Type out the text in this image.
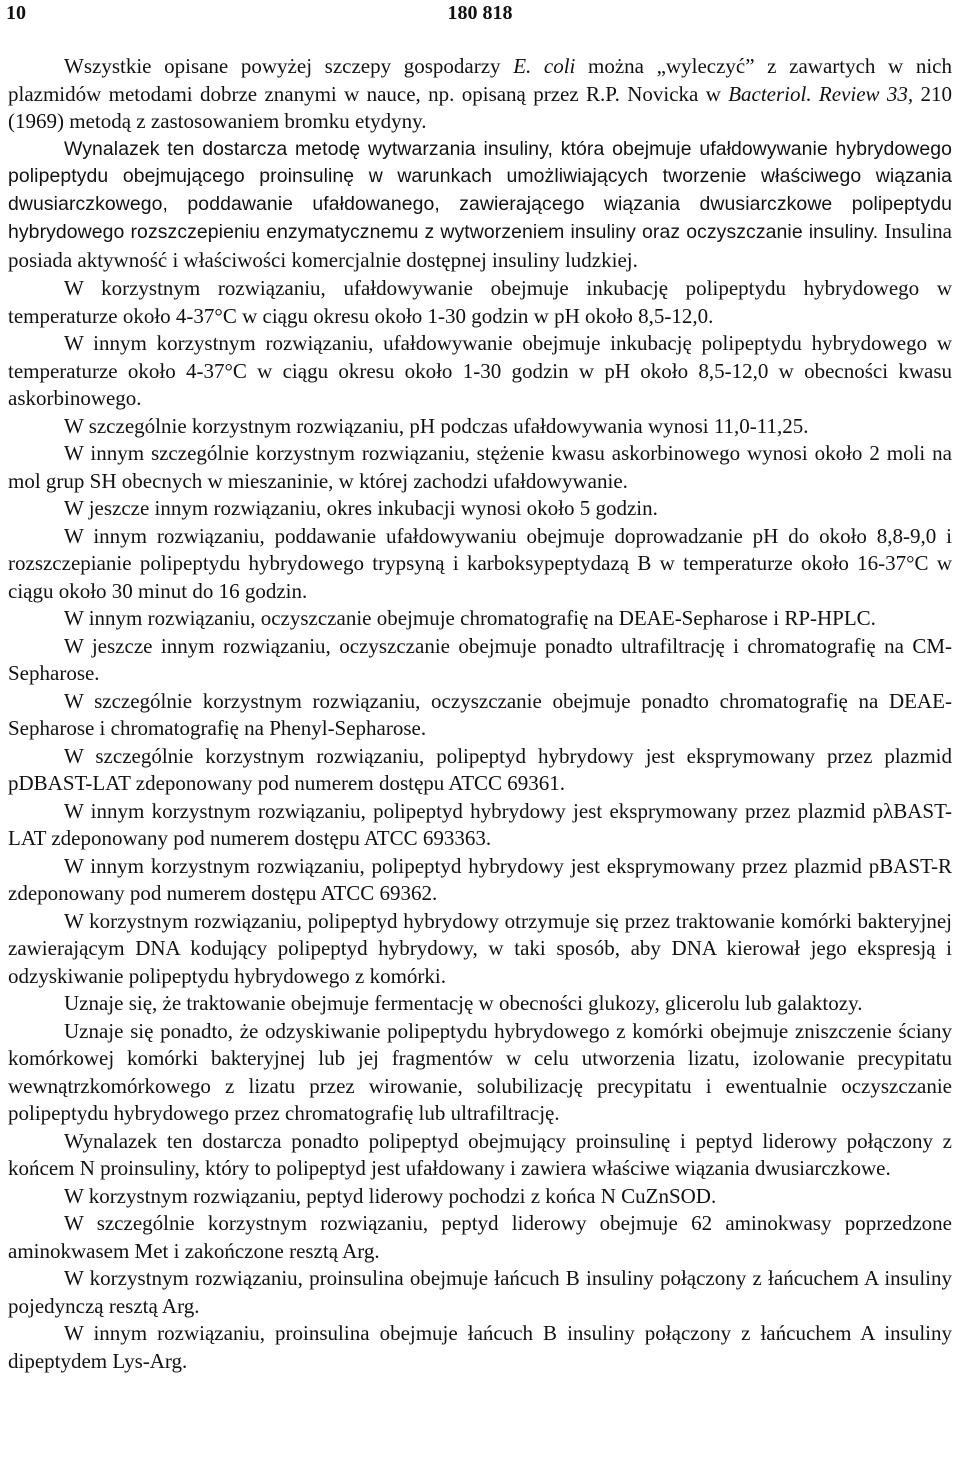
10	180 818

Wszystkie opisane powyżej szczepy gospodarzy E. coli można „wyleczyć” z zawartych w nich plazmidów metodami dobrze znanymi w nauce, np. opisaną przez R.P. Novicka w Bacteriol. Review 33, 210 (1969) metodą z zastosowaniem bromku etydyny.

Wynalazek ten dostarcza metodę wytwarzania insuliny, która obejmuje ufałdowywanie hybrydowego polipeptydu obejmującego proinsulinę w warunkach umożliwiających tworzenie właściwego wiązania dwusiarczkowego, poddawanie ufałdowanego, zawierającego wiązania dwusiarczkowe polipeptydu hybrydowego rozszczepieniu enzymatycznemu z wytworzeniem insuliny oraz oczyszczanie insuliny. Insulina posiada aktywność i właściwości komercjalnie dostępnej insuliny ludzkiej.

W korzystnym rozwiązaniu, ufałdowywanie obejmuje inkubację polipeptydu hybrydowego w temperaturze około 4-37°C w ciągu okresu około 1-30 godzin w pH około 8,5-12,0.

W innym korzystnym rozwiązaniu, ufałdowywanie obejmuje inkubację polipeptydu hybrydowego w temperaturze około 4-37°C w ciągu okresu około 1-30 godzin w pH około 8,5-12,0 w obecności kwasu askorbinowego.

W szczególnie korzystnym rozwiązaniu, pH podczas ufałdowywania wynosi 11,0-11,25.

W innym szczególnie korzystnym rozwiązaniu, stężenie kwasu askorbinowego wynosi około 2 moli na mol grup SH obecnych w mieszaninie, w której zachodzi ufałdowywanie.

W jeszcze innym rozwiązaniu, okres inkubacji wynosi około 5 godzin.

W innym rozwiązaniu, poddawanie ufałdowywaniu obejmuje doprowadzanie pH do około 8,8-9,0 i rozszczepianie polipeptydu hybrydowego trypsyną i karboksypeptydazą B w temperaturze około 16-37°C w ciągu około 30 minut do 16 godzin.

W innym rozwiązaniu, oczyszczanie obejmuje chromatografię na DEAE-Sepharose i RP-HPLC.

W jeszcze innym rozwiązaniu, oczyszczanie obejmuje ponadto ultrafiltrację i chromatografię na CM-Sepharose.

W szczególnie korzystnym rozwiązaniu, oczyszczanie obejmuje ponadto chromatografię na DEAE-Sepharose i chromatografię na Phenyl-Sepharose.

W szczególnie korzystnym rozwiązaniu, polipeptyd hybrydowy jest eksprymowany przez plazmid pDBAST-LAT zdeponowany pod numerem dostępu ATCC 69361.

W innym korzystnym rozwiązaniu, polipeptyd hybrydowy jest eksprymowany przez plazmid pλBAST-LAT zdeponowany pod numerem dostępu ATCC 693363.

W innym korzystnym rozwiązaniu, polipeptyd hybrydowy jest eksprymowany przez plazmid pBAST-R zdeponowany pod numerem dostępu ATCC 69362.

W korzystnym rozwiązaniu, polipeptyd hybrydowy otrzymuje się przez traktowanie komórki bakteryjnej zawierającym DNA kodujący polipeptyd hybrydowy, w taki sposób, aby DNA kierował jego ekspresją i odzyskiwanie polipeptydu hybrydowego z komórki.

Uznaje się, że traktowanie obejmuje fermentację w obecności glukozy, glicerolu lub galaktozy.

Uznaje się ponadto, że odzyskiwanie polipeptydu hybrydowego z komórki obejmuje zniszczenie ściany komórkowej komórki bakteryjnej lub jej fragmentów w celu utworzenia lizatu, izolowanie precypitatu wewnątrzkomórkowego z lizatu przez wirowanie, solubilizację precypitatu i ewentualnie oczyszczanie polipeptydu hybrydowego przez chromatografię lub ultrafiltrację.

Wynalazek ten dostarcza ponadto polipeptyd obejmujący proinsulinę i peptyd liderowy połączony z końcem N proinsuliny, który to polipeptyd jest ufałdowany i zawiera właściwe wiązania dwusiarczkowe.

W korzystnym rozwiązaniu, peptyd liderowy pochodzi z końca N CuZnSOD.

W szczególnie korzystnym rozwiązaniu, peptyd liderowy obejmuje 62 aminokwasy poprzedzone aminokwasem Met i zakończone resztą Arg.

W korzystnym rozwiązaniu, proinsulina obejmuje łańcuch B insuliny połączony z łańcuchem A insuliny pojedynczą resztą Arg.

W innym rozwiązaniu, proinsulina obejmuje łańcuch B insuliny połączony z łańcuchem A insuliny dipeptydem Lys-Arg.
